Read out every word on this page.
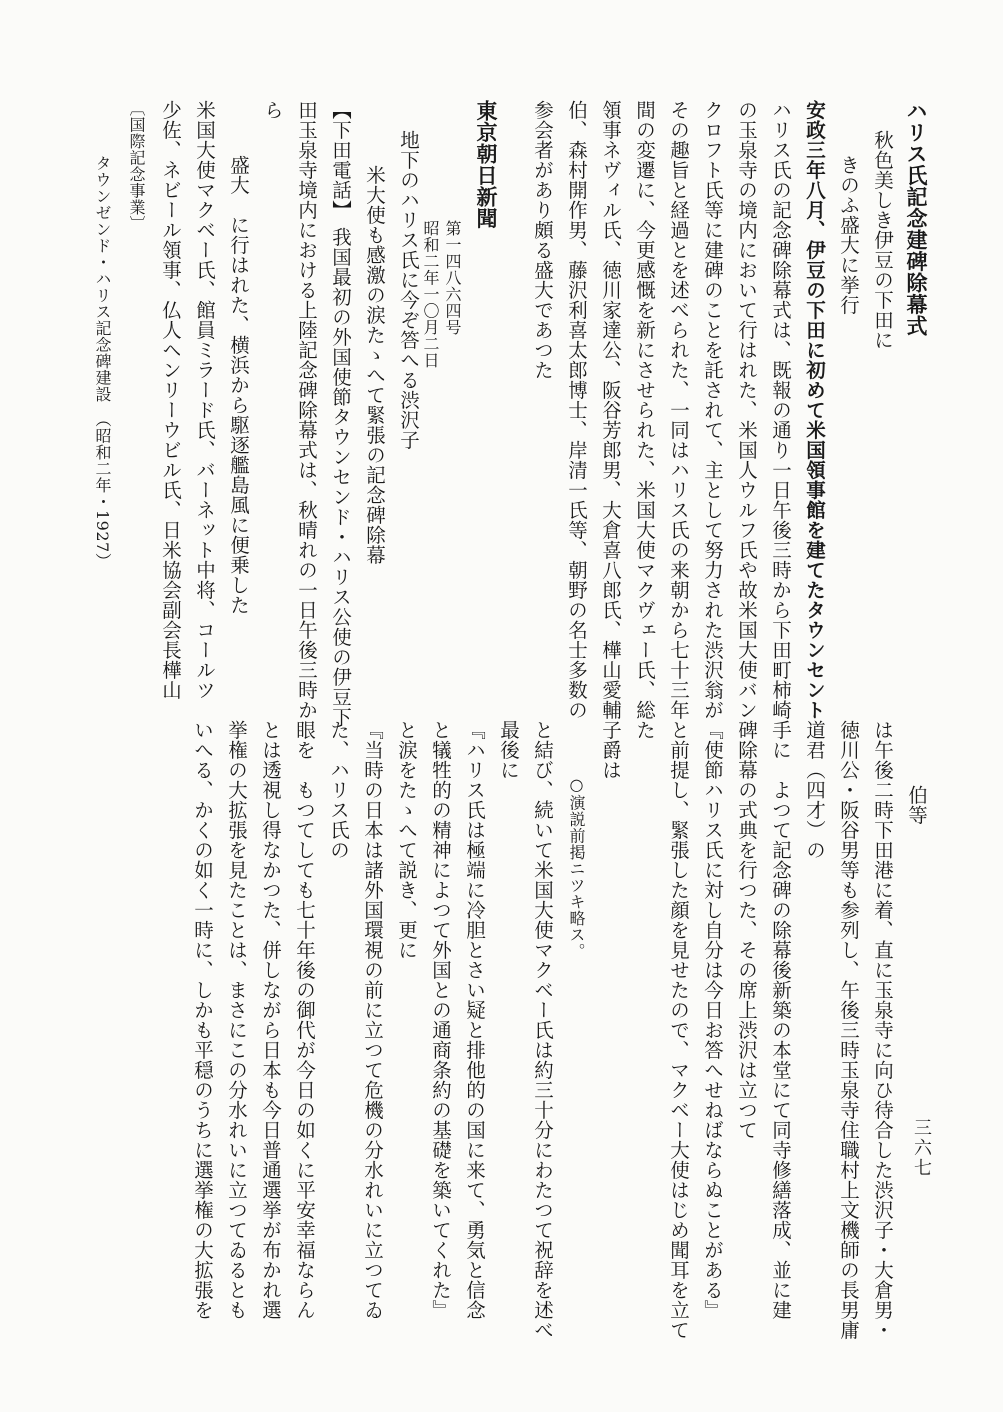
ハリス氏記念建碑除幕式
秋色美しき伊豆の下田に
きのふ盛大に挙行
安政三年八月、伊豆の下田に初めて米国領事館を建てたタウンセント
ハリス氏の記念碑除幕式は、既報の通り一日午後三時から下田町柿崎
の玉泉寺の境内において行はれた、米国人ウルフ氏や故米国大使バン
クロフト氏等に建碑のことを託されて、主として努力された渋沢翁が
その趣旨と経過とを述べられた、一同はハリス氏の来朝から七十三年
間の変遷に、今更感慨を新にさせられた、米国大使マクヴェー氏、総
領事ネヴィル氏、徳川家達公、阪谷芳郎男、大倉喜八郎氏、樺山愛輔
伯、森村開作男、藤沢利喜太郎博士、岸清一氏等、朝野の名士多数の
参会者があり頗る盛大であつた
東京朝日新聞
第一四八六四号
昭和二年一〇月二日
地下のハリス氏に今ぞ答へる渋沢子
米大使も感激の涙たゝへて緊張の記念碑除幕
【下田電話】 我国最初の外国使節タウンセンド・ハリス公使の伊豆下
田玉泉寺境内における上陸記念碑除幕式は、秋晴れの一日午後三時か
ら
盛大　に行はれた、横浜から駆逐艦島風に便乗した
米国大使マクベー氏、館員ミラード氏、バーネット中将、コールツ
少佐、ネビール領事、仏人ヘンリーウビル氏、日米協会副会長樺山
〔国際記念事業〕
タウンゼンド・ハリス記念碑建設　（昭和二年・1927）
伯等
は午後二時下田港に着、直に玉泉寺に向ひ待合した渋沢子・大倉男・
徳川公・阪谷男等も参列し、午後三時玉泉寺住職村上文機師の長男庸
道君（四才）の
手に　よつて記念碑の除幕後新築の本堂にて同寺修繕落成、並に建
碑除幕の式典を行つた、その席上渋沢は立つて
『使節ハリス氏に対し自分は今日お答へせねばならぬことがある』
と前提し、緊張した顔を見せたので、マクベー大使はじめ聞耳を立て
た
子爵は
○演説前掲ニツキ略ス。
と結び、続いて米国大使マクベー氏は約三十分にわたつて祝辞を述べ
最後に
『ハリス氏は極端に冷胆とさい疑と排他的の国に来て、勇気と信念
と犠牲的の精神によつて外国との通商条約の基礎を築いてくれた』
と涙をたゝへて説き、更に
『当時の日本は諸外国環視の前に立つて危機の分水れいに立つてゐ
た、ハリス氏の
眼を　もつてしても七十年後の御代が今日の如くに平安幸福ならん
とは透視し得なかつた、併しながら日本も今日普通選挙が布かれ選
挙権の大拡張を見たことは、まさにこの分水れいに立つてゐるとも
いへる、かくの如く一時に、しかも平穏のうちに選挙権の大拡張を	三六七
